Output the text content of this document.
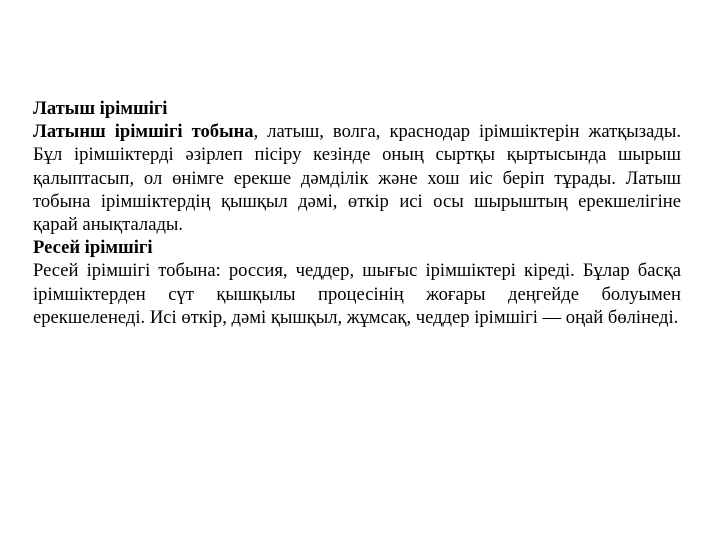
Латыш ірімшігі

Латынш ірімшігі тобына, латыш, волга, краснодар ірімшіктерін жатқызады. Бұл ірімшіктерді әзірлеп пісіру кезінде оның сыртқы қыртысында шырыш қалыптасып, ол өнімге ерекше дәмділік және хош иіс беріп тұрады. Латыш тобына ірімшіктердің қышқыл дәмі, өткір исі осы шырыштың ерекшелігіне қарай анықталады.

Ресей ірімшігі

Ресей ірімшігі тобына: россия, чеддер, шығыс ірімшіктері кіреді. Бұлар басқа ірімшіктерден сүт қышқылы процесінің жоғары деңгейде болуымен ерекшеленеді. Исі өткір, дәмі қышқыл, жұмсақ, чеддер ірімшігі — оңай бөлінеді.
